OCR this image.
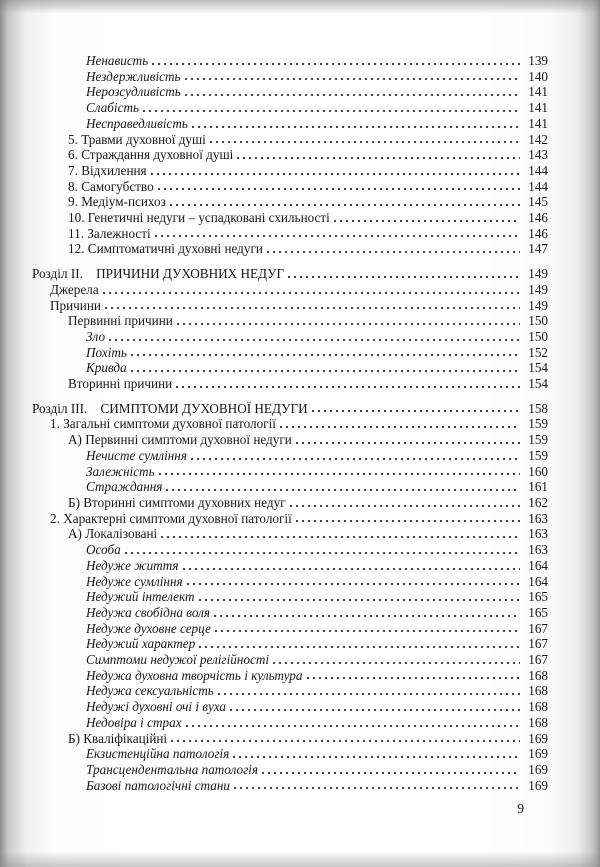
Ненависть	139
Нездержливість	140
Нерозсудливість	141
Слабість	141
Несправедливість	141
5. Травми духовної душі	142
6. Страждання духовної душі	143
7. Відхилення	144
8. Самогубство	144
9. Медіум-психоз	145
10. Генетичні недуги – успадковані схильності	146
11. Залежності	146
12. Симптоматичні духовні недуги	147
Розділ II. ПРИЧИНИ ДУХОВНИХ НЕДУГ	149
Джерела	149
Причини	149
Первинні причини	150
Зло	150
Похіть	152
Кривда	154
Вторинні причини	154
Розділ III. СИМПТОМИ ДУХОВНОЇ НЕДУГИ	158
1. Загальні симптоми духовної патології	159
А) Первинні симптоми духовної недуги	159
Нечисте сумління	159
Залежність	160
Страждання	161
Б) Вторинні симптоми духовних недуг	162
2. Характерні симптоми духовної патології	163
А) Локалізовані	163
Особа	163
Недуже життя	164
Недуже сумління	164
Недужий інтелект	165
Недужа свобідна воля	165
Недуже духовне серце	167
Недужий характер	167
Симптоми недужої релігійності	167
Недужа духовна творчість і культура	168
Недужа сексуальність	168
Недужі духовні очі і вуха	168
Недовіра і страх	168
Б) Кваліфікаційні	169
Екзистенційна патологія	169
Трансцендентальна патологія	169
Базові патологічні стани	169
9
